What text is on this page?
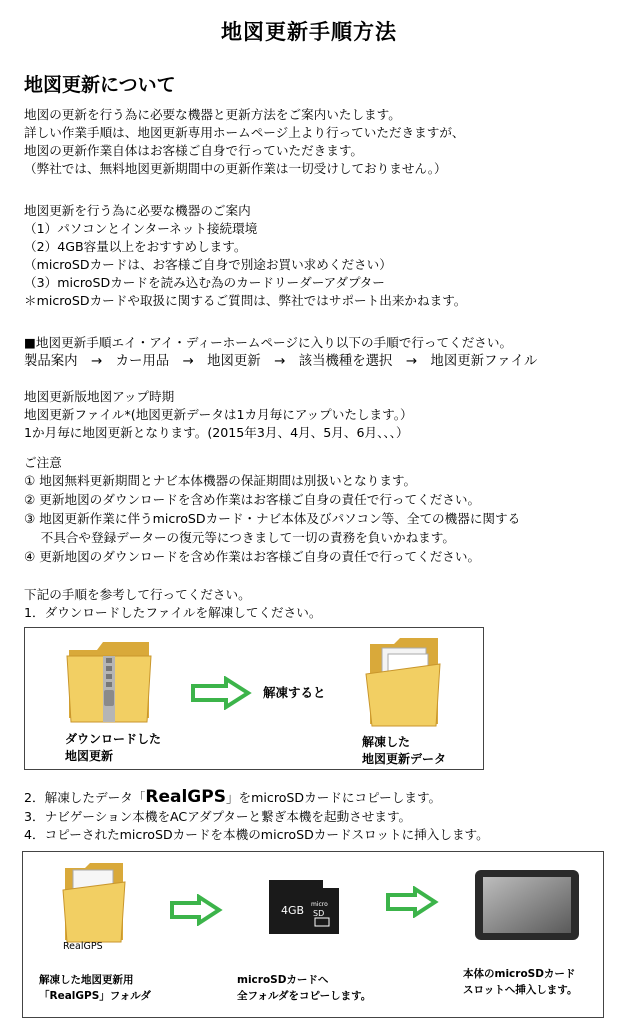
地図更新手順方法
地図更新について
地図の更新を行う為に必要な機器と更新方法をご案内いたします。
詳しい作業手順は、地図更新専用ホームページ上より行っていただきますが、
地図の更新作業自体はお客様ご自身で行っていただきます。
（弊社では、無料地図更新期間中の更新作業は一切受けしておりません。）
地図更新を行う為に必要な機器のご案内
（1）パソコンとインターネット接続環境
（2）4GB容量以上をおすすめします。
（microSDカードは、お客様ご自身で別途お買い求めください）
（3）microSDカードを読み込む為のカードリーダーアダプター
＊microSDカードや取扱に関するご質問は、弊社ではサポート出来かねます。
■地図更新手順エイ・アイ・ディーホームページに入り以下の手順で行ってください。
製品案内　→　カー用品　→　地図更新　→　該当機種を選択　→　地図更新ファイル
地図更新版地図アップ時期
地図更新ファイル*(地図更新データは1カ月毎にアップいたします。）
1か月毎に地図更新となります。(2015年3月、4月、5月、6月、、、）
ご注意
① 地図無料更新期間とナビ本体機器の保証期間は別扱いとなります。
② 更新地図のダウンロードを含め作業はお客様ご自身の責任で行ってください。
③ 地図更新作業に伴うmicroSDカード・ナビ本体及びパソコン等、全ての機器に関する
　 不具合や登録データーの復元等につきまして一切の責務を負いかねます。
④ 更新地図のダウンロードを含め作業はお客様ご自身の責任で行ってください。
下記の手順を参考して行ってください。
1．ダウンロードしたファイルを解凍してください。
ダウンロードした
地図更新
解凍すると
解凍した
地図更新データ
2．解凍したデータ「RealGPS」をmicroSDカードにコピーします。
3．ナビゲーション本機をACアダプターと繋ぎ本機を起動させます。
4．コピーされたmicroSDカードを本機のmicroSDカードスロットに挿入します。
RealGPS
解凍した地図更新用
「RealGPS」フォルダ
4GB micro
SD
microSDカードへ
全フォルダをコピーします。
本体のmicroSDカード
スロットへ挿入します。
